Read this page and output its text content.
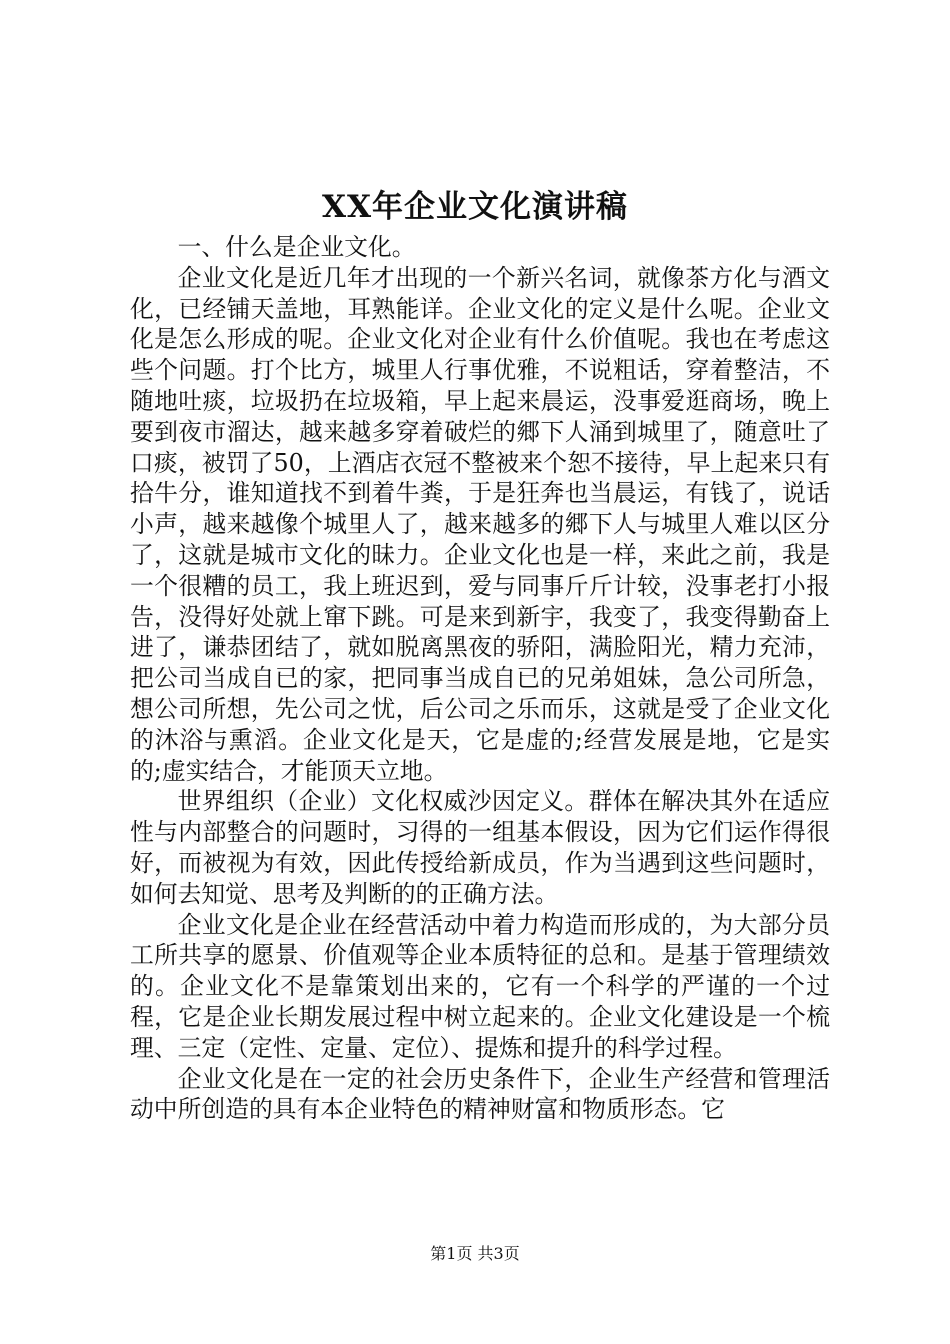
XX年企业文化演讲稿

一、什么是企业文化。

企业文化是近几年才出现的一个新兴名词，就像茶方化与酒文化，已经铺天盖地，耳熟能详。企业文化的定义是什么呢。企业文化是怎么形成的呢。企业文化对企业有什么价值呢。我也在考虑这些个问题。打个比方，城里人行事优雅，不说粗话，穿着整洁，不随地吐痰，垃圾扔在垃圾箱，早上起来晨运，没事爱逛商场，晚上要到夜市溜达，越来越多穿着破烂的郷下人涌到城里了，随意吐了口痰，被罚了50，上酒店衣冠不整被来个恕不接待，早上起来只有拾牛分，谁知道找不到着牛粪，于是狂奔也当晨运，有钱了，说话小声，越来越像个城里人了，越来越多的郷下人与城里人难以区分了，这就是城市文化的昧力。企业文化也是一样，来此之前，我是一个很糟的员工，我上班迟到，爱与同事斤斤计较，没事老打小报告，没得好处就上窜下跳。可是来到新宇，我变了，我变得勤奋上进了，谦恭团结了，就如脱离黑夜的骄阳，满脸阳光，精力充沛，把公司当成自已的家，把同事当成自已的兄弟姐妹，急公司所急，想公司所想，先公司之忧，后公司之乐而乐，这就是受了企业文化的沐浴与熏滔。企业文化是天，它是虚的;经营发展是地，它是实的;虚实结合，才能顶天立地。

世界组织（企业）文化权威沙因定义。群体在解决其外在适应性与内部整合的问题时，习得的一组基本假设，因为它们运作得很好，而被视为有效，因此传授给新成员，作为当遇到这些问题时，如何去知觉、思考及判断的的正确方法。

企业文化是企业在经营活动中着力构造而形成的，为大部分员工所共享的愿景、价值观等企业本质特征的总和。是基于管理绩效的。企业文化不是靠策划出来的，它有一个科学的严谨的一个过程，它是企业长期发展过程中树立起来的。企业文化建设是一个梳理、三定（定性、定量、定位）、提炼和提升的科学过程。

企业文化是在一定的社会历史条件下，企业生产经营和管理活动中所创造的具有本企业特色的精神财富和物质形态。它

第1页 共3页
